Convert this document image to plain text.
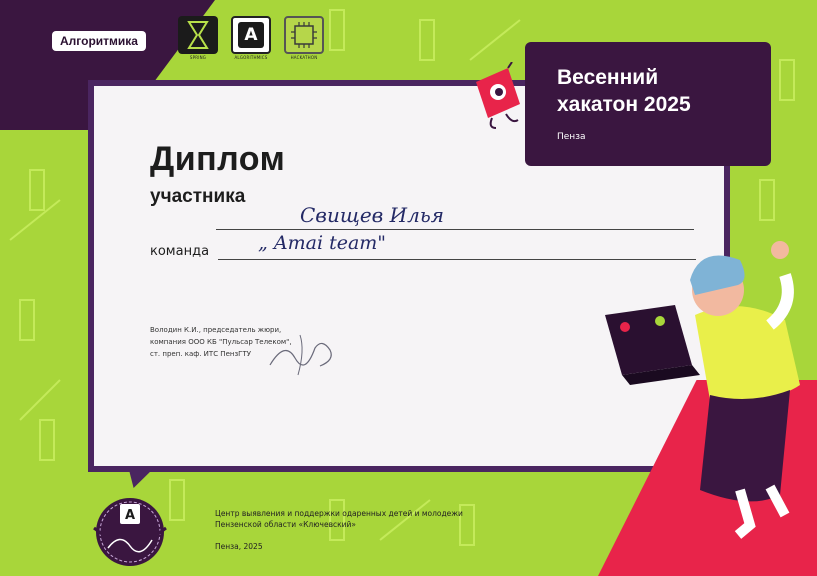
Алгоритмика
SPRING
A
ALGORITHMICS	HACKATHON
Весенний
хакатон 2025
Пенза
Диплом
участника
Свищев Илья
команда	„ Amai team"
Володин К.И., председатель жюри,
компания ООО КБ "Пульсар Телеком",
ст. преп. каф. ИТС ПензГТУ
A	Центр выявления и поддержки одаренных детей и молодежи
Пензенской области «Ключевский»
Пенза, 2025
